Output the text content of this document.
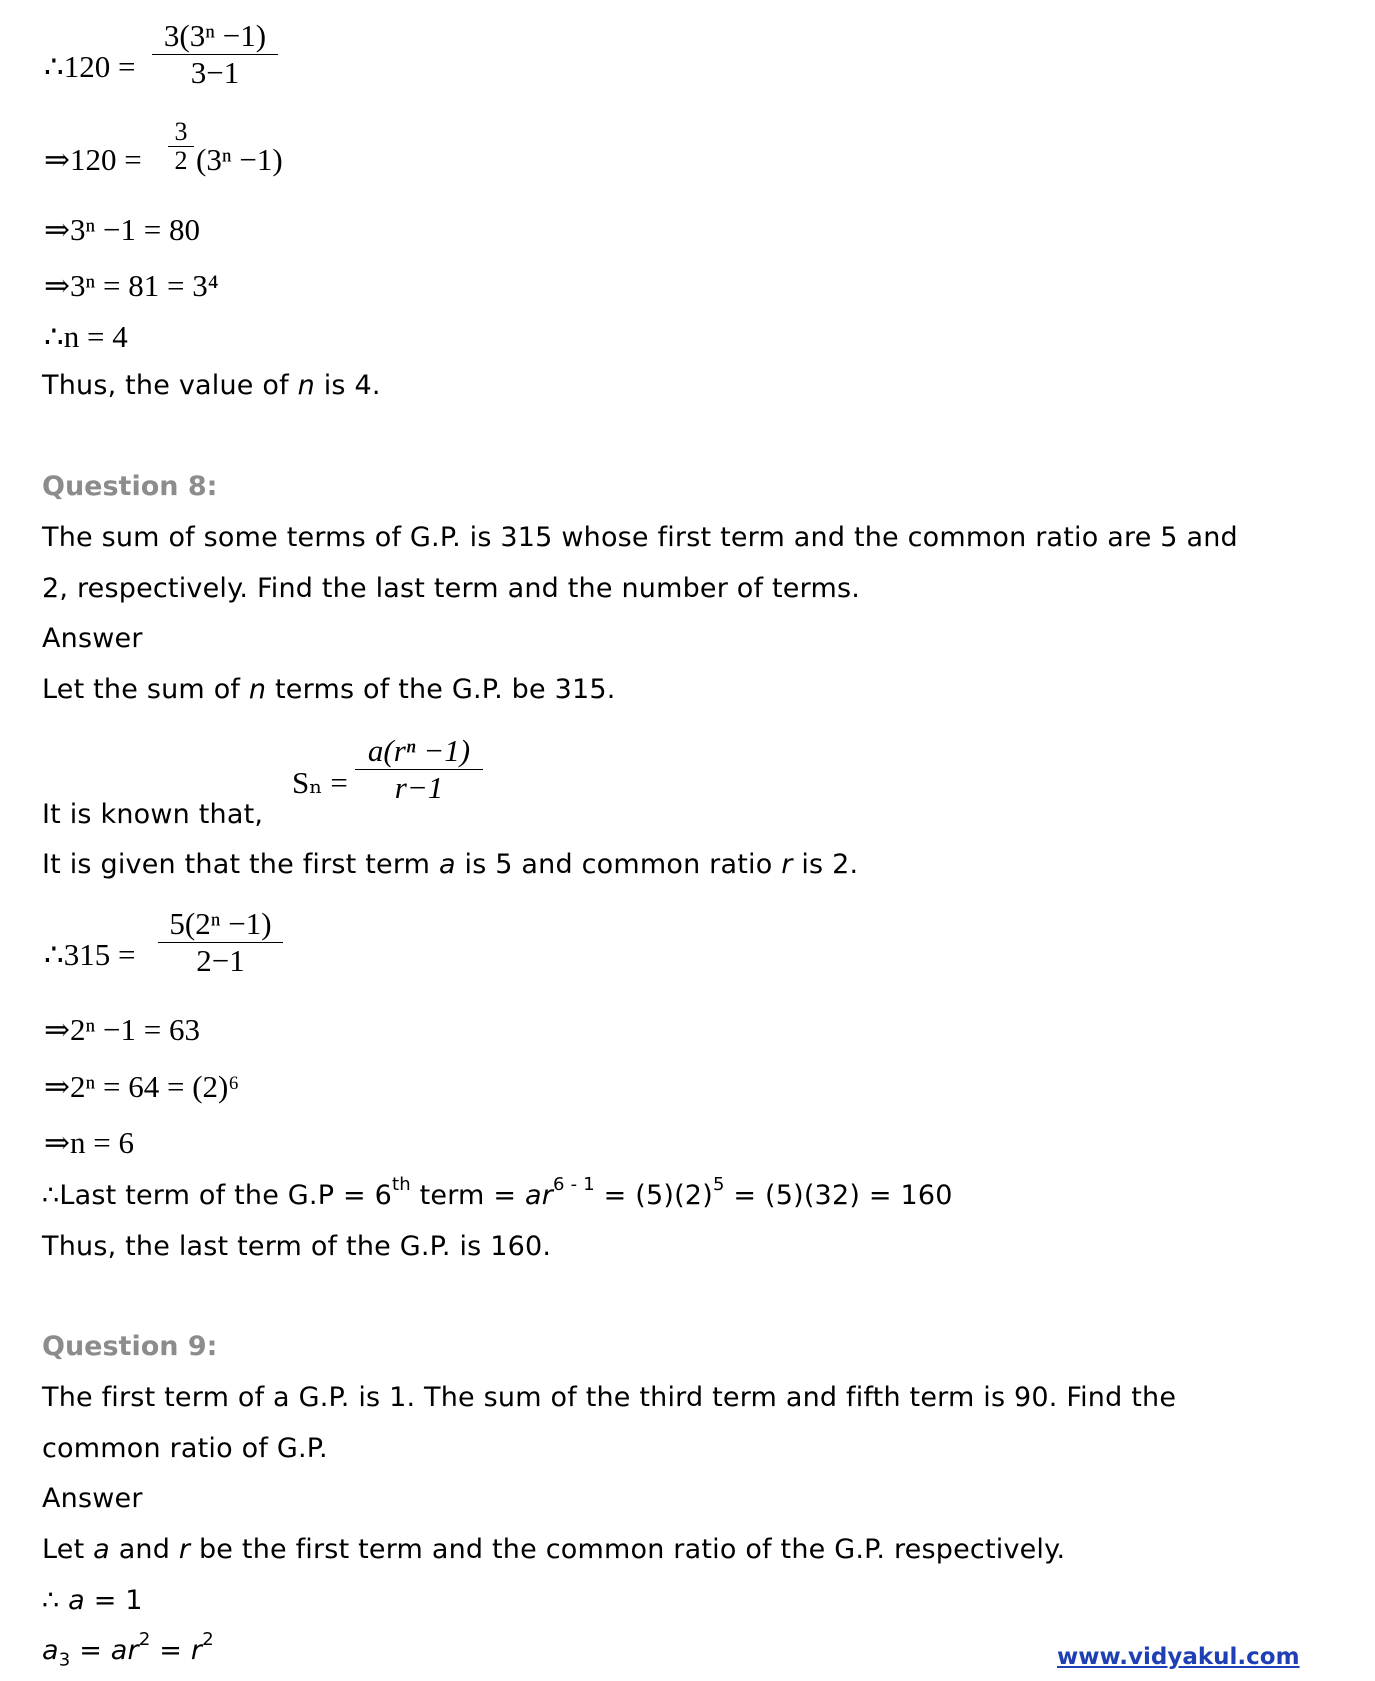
∴120 =
3(3ⁿ −1)
3−1
⇒120 =
3
2 (3ⁿ −1)
⇒3ⁿ −1 = 80
⇒3ⁿ = 81 = 3⁴
∴n = 4
Thus, the value of n is 4.
Question 8:
The sum of some terms of G.P. is 315 whose first term and the common ratio are 5 and
2, respectively. Find the last term and the number of terms.
Answer
Let the sum of n terms of the G.P. be 315.
Sₙ =
a(rⁿ −1)
r−1
It is known that,
It is given that the first term a is 5 and common ratio r is 2.
∴315 =
5(2ⁿ −1)
2−1
⇒2ⁿ −1 = 63
⇒2ⁿ = 64 = (2)⁶
⇒n = 6
∴Last term of the G.P = 6th term = $ar^{6 - 1} = (5)(2)^5 = (5)(32) = 160$
Thus, the last term of the G.P. is 160.
Question 9:
The first term of a G.P. is 1. The sum of the third term and fifth term is 90. Find the
common ratio of G.P.
Answer
Let a and r be the first term and the common ratio of the G.P. respectively.
∴ a = 1
$a_3 = ar^2 = r^2$
www.vidyakul.com
